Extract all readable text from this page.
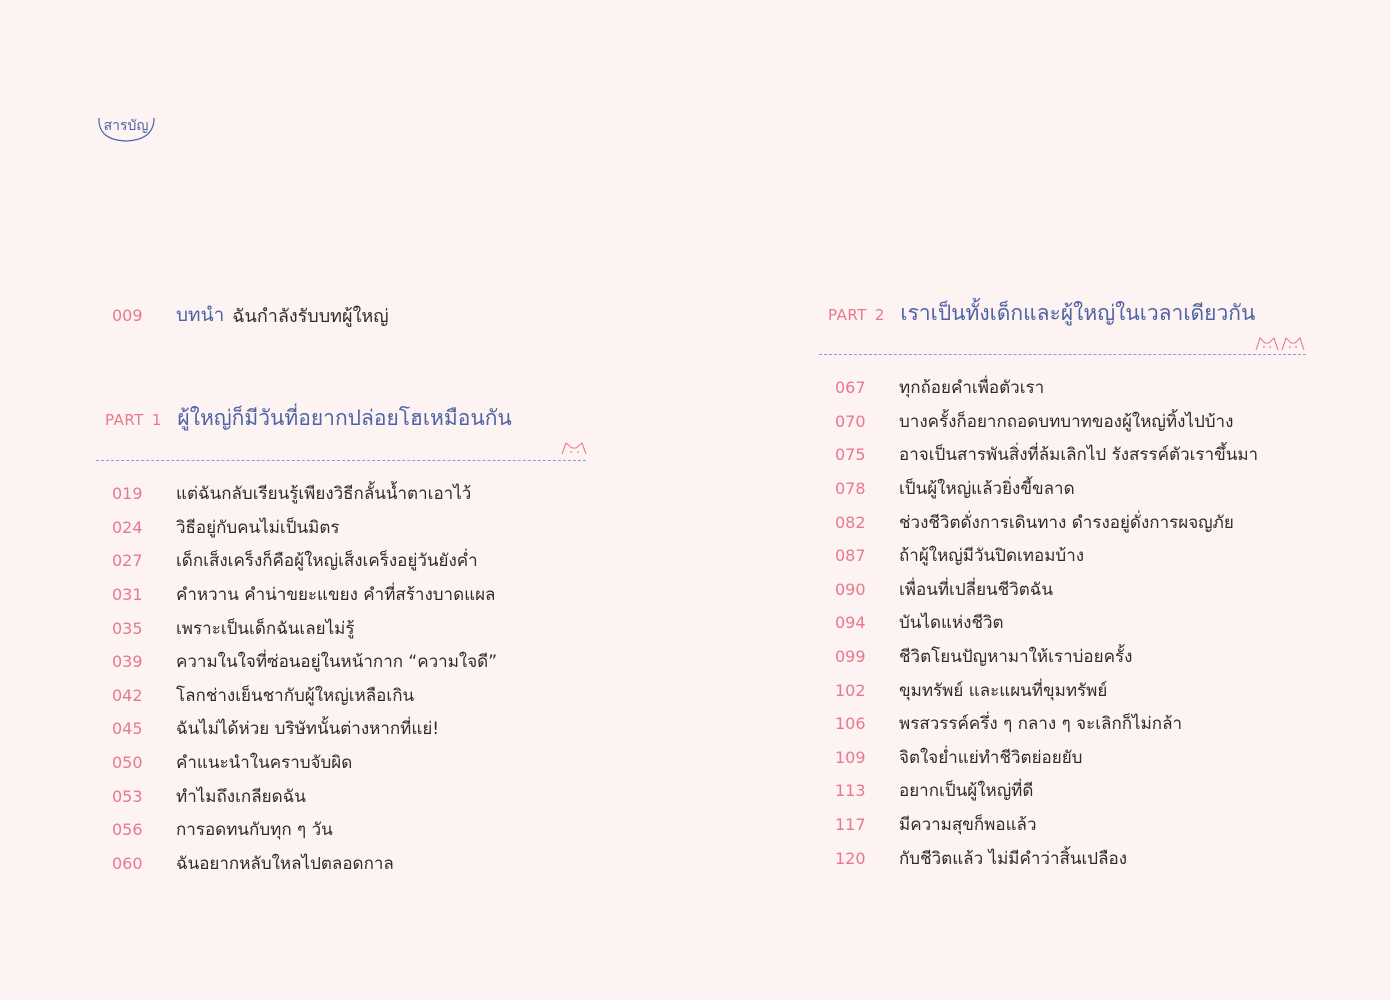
สารบัญ
009	บทนำ ฉันกำลังรับบทผู้ใหญ่
PART 1 ผู้ใหญ่ก็มีวันที่อยากปล่อยโฮเหมือนกัน
019	แต่ฉันกลับเรียนรู้เพียงวิธีกลั้นน้ำตาเอาไว้
024	วิธีอยู่กับคนไม่เป็นมิตร
027	เด็กเส็งเคร็งก็คือผู้ใหญ่เส็งเคร็งอยู่วันยังค่ำ
031	คำหวาน คำน่าขยะแขยง คำที่สร้างบาดแผล
035	เพราะเป็นเด็กฉันเลยไม่รู้
039	ความในใจที่ซ่อนอยู่ในหน้ากาก “ความใจดี”
042	โลกช่างเย็นชากับผู้ใหญ่เหลือเกิน
045	ฉันไม่ได้ห่วย บริษัทนั้นต่างหากที่แย่!
050	คำแนะนำในคราบจับผิด
053	ทำไมถึงเกลียดฉัน
056	การอดทนกับทุก ๆ วัน
060	ฉันอยากหลับใหลไปตลอดกาล
PART 2 เราเป็นทั้งเด็กและผู้ใหญ่ในเวลาเดียวกัน
067	ทุกถ้อยคำเพื่อตัวเรา
070	บางครั้งก็อยากถอดบทบาทของผู้ใหญ่ทิ้งไปบ้าง
075	อาจเป็นสารพันสิ่งที่ล้มเลิกไป รังสรรค์ตัวเราขึ้นมา
078	เป็นผู้ใหญ่แล้วยิ่งขี้ขลาด
082	ช่วงชีวิตดั่งการเดินทาง ดำรงอยู่ดั่งการผจญภัย
087	ถ้าผู้ใหญ่มีวันปิดเทอมบ้าง
090	เพื่อนที่เปลี่ยนชีวิตฉัน
094	บันไดแห่งชีวิต
099	ชีวิตโยนปัญหามาให้เราบ่อยครั้ง
102	ขุมทรัพย์ และแผนที่ขุมทรัพย์
106	พรสวรรค์ครึ่ง ๆ กลาง ๆ จะเลิกก็ไม่กล้า
109	จิตใจย่ำแย่ทำชีวิตย่อยยับ
113	อยากเป็นผู้ใหญ่ที่ดี
117	มีความสุขก็พอแล้ว
120	กับชีวิตแล้ว ไม่มีคำว่าสิ้นเปลือง
